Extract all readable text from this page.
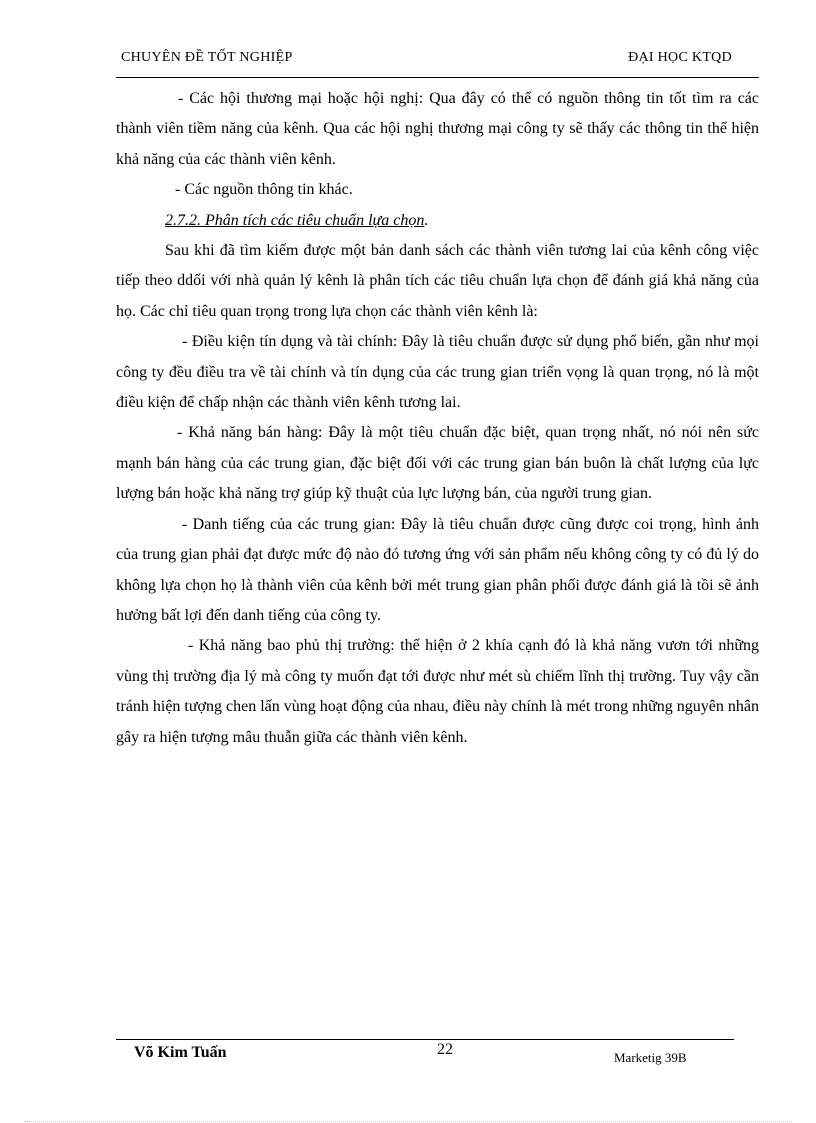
CHUYÊN ĐỀ TỐT NGHIỆP	ĐẠI HỌC KTQD

- Các hội thương mại hoặc hội nghị: Qua đây có thể có nguồn thông tin tốt tìm ra các thành viên tiềm năng của kênh. Qua các hội nghị thương mại công ty sẽ thấy các thông tin thể hiện khả năng của các thành viên kênh.

- Các nguồn thông tin khác.

2.7.2. Phân tích các tiêu chuẩn lựa chọn.

Sau khi đã tìm kiếm được một bản danh sách các thành viên tương lai của kênh công việc tiếp theo ddối với nhà quản lý kênh là phân tích các tiêu chuẩn lựa chọn để đánh giá khả năng của họ. Các chỉ tiêu quan trọng trong lựa chọn các thành viên kênh là:

- Điều kiện tín dụng và tài chính: Đây là tiêu chuẩn được sử dụng phổ biến, gần như mọi công ty đều điều tra về tài chính và tín dụng của các trung gian triển vọng là quan trọng, nó là một điều kiện để chấp nhận các thành viên kênh tương lai.

- Khả năng bán hàng: Đây là một tiêu chuẩn đặc biệt, quan trọng nhất, nó nói nên sức mạnh bán hàng của các trung gian, đặc biệt đối với các trung gian bán buôn là chất lượng của lực lượng bán hoặc khả năng trợ giúp kỹ thuật của lực lượng bán, của người trung gian.

- Danh tiếng của các trung gian: Đây là tiêu chuẩn được cũng được coi trọng, hình ảnh của trung gian phải đạt được mức độ nào đó tương ứng với sản phẩm nếu không công ty có đủ lý do không lựa chọn họ là thành viên của kênh bởi mét trung gian phân phối được đánh giá là tồi sẽ ảnh hưởng bất lợi đến danh tiếng của công ty.

- Khả năng bao phủ thị trường: thể hiện ở 2 khía cạnh đó là khả năng vươn tới những vùng thị trường địa lý mà công ty muốn đạt tới được như mét sù chiếm lĩnh thị trường. Tuy vậy cần tránh hiện tượng chen lấn vùng hoạt động của nhau, điều này chính là mét trong những nguyên nhân gây ra hiện tượng mâu thuẫn giữa các thành viên kênh.

Võ Kim Tuấn	22	Marketig 39B
